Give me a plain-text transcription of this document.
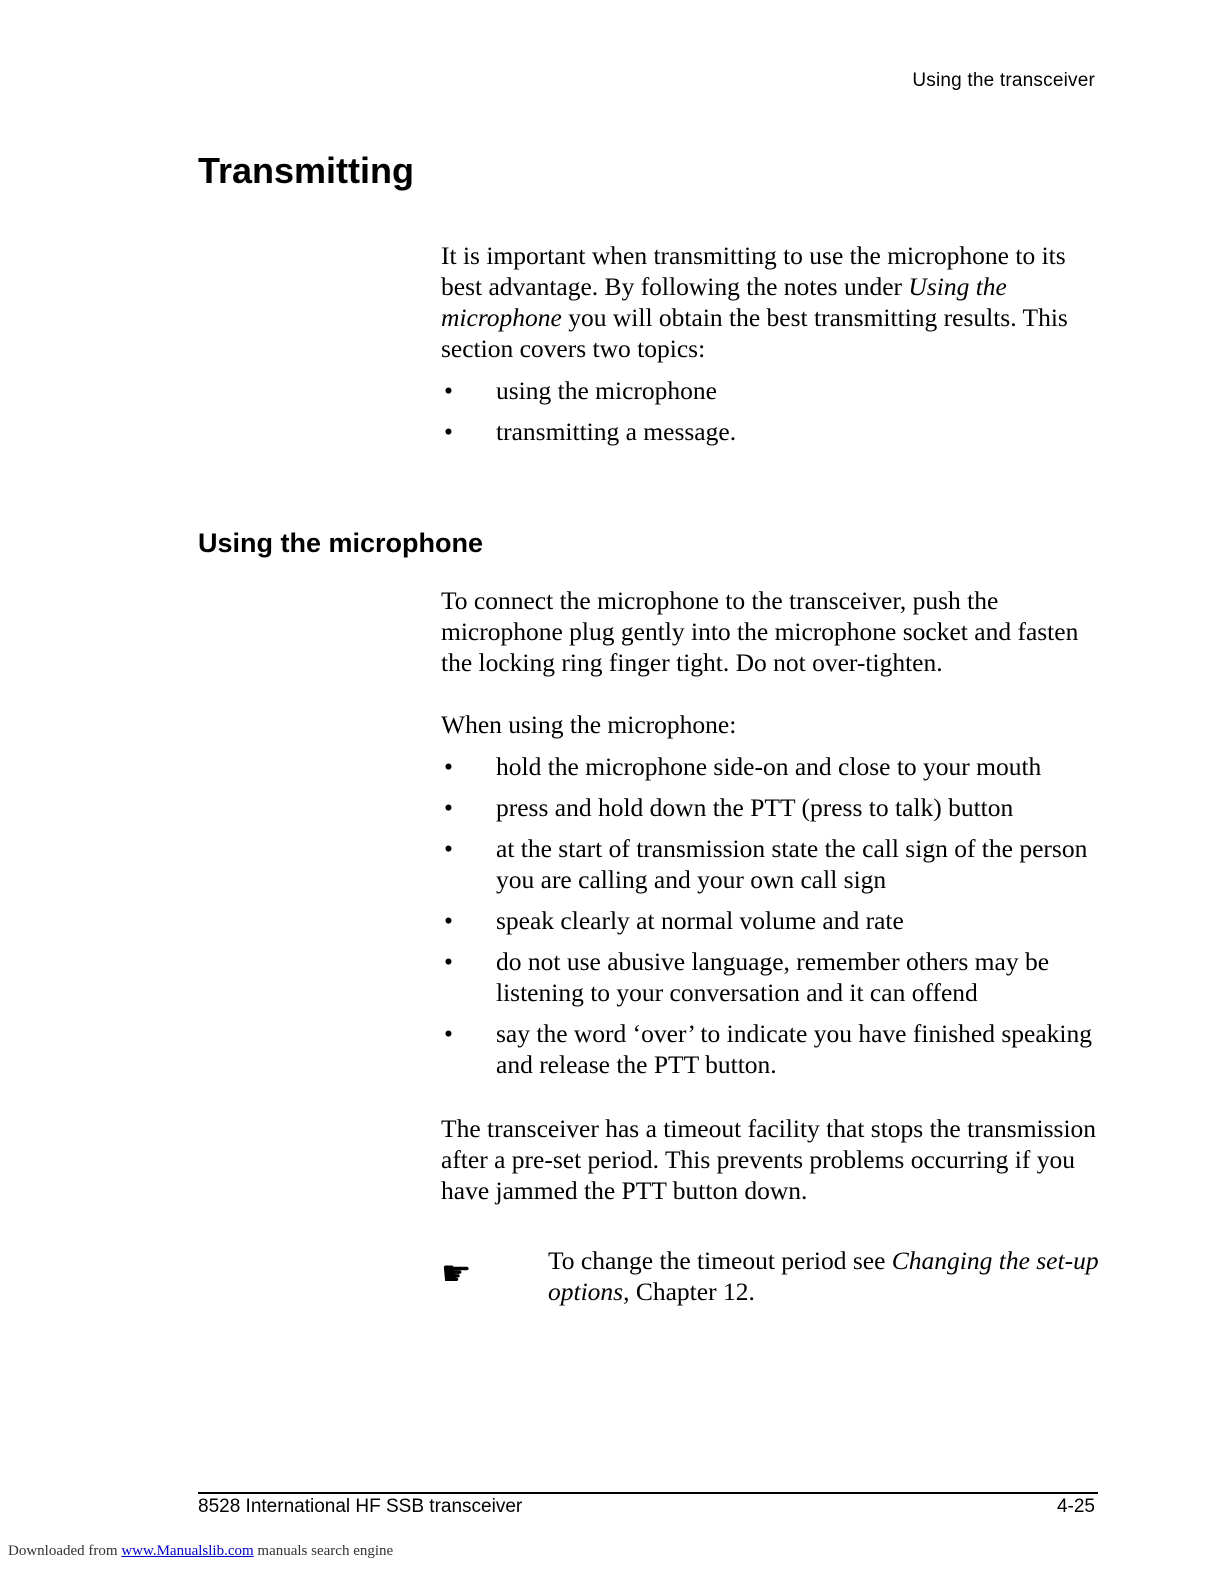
Using the transceiver
Transmitting

It is important when transmitting to use the microphone to its best advantage. By following the notes under Using the microphone you will obtain the best transmitting results. This section covers two topics:

•	using the microphone
•	transmitting a message.
Using the microphone

To connect the microphone to the transceiver, push the microphone plug gently into the microphone socket and fasten the locking ring finger tight. Do not over-tighten.

When using the microphone:

•	hold the microphone side-on and close to your mouth
•	press and hold down the PTT (press to talk) button
•	at the start of transmission state the call sign of the person you are calling and your own call sign
•	speak clearly at normal volume and rate
•	do not use abusive language, remember others may be listening to your conversation and it can offend
•	say the word ‘over’ to indicate you have finished speaking and release the PTT button.

The transceiver has a timeout facility that stops the transmission after a pre-set period. This prevents problems occurring if you have jammed the PTT button down.

☛	To change the timeout period see Changing the set-up options, Chapter 12.

8528 International HF SSB transceiver	4-25
Downloaded from www.Manualslib.com manuals search engine
